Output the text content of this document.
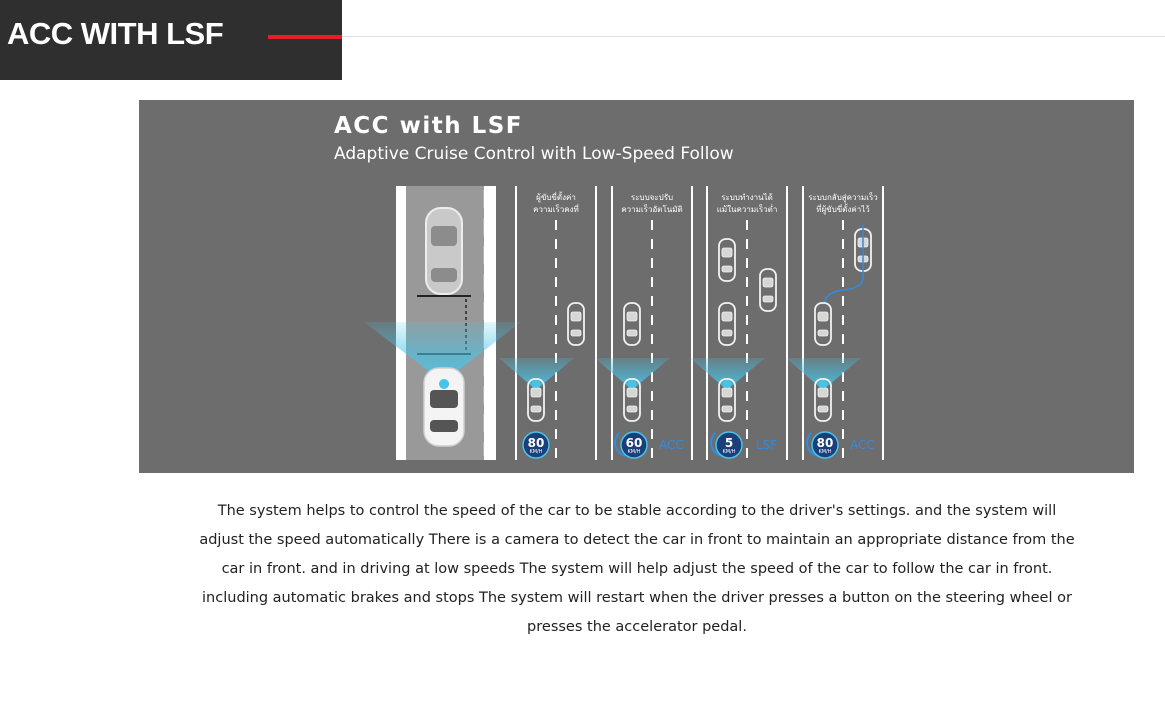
ACC WITH LSF
ผู้ขับขี่ตั้งค่า
ความเร็วคงที่
80
KM/H
ระบบจะปรับ
ความเร็วอัตโนมัติ
60
KM/H ACC
ระบบทำงานได้
แม้ในความเร็วต่ำ
5
KM/H LSF
ระบบกลับสู่ความเร็ว
ที่ผู้ขับขี่ตั้งค่าไว้
80
KM/H ACC
ACC with LSF
Adaptive Cruise Control with Low-Speed Follow
The system helps to control the speed of the car to be stable according to the driver's settings. and the system will adjust the speed automatically There is a camera to detect the car in front to maintain an appropriate distance from the car in front. and in driving at low speeds The system will help adjust the speed of the car to follow the car in front. including automatic brakes and stops The system will restart when the driver presses a button on the steering wheel or presses the accelerator pedal.
